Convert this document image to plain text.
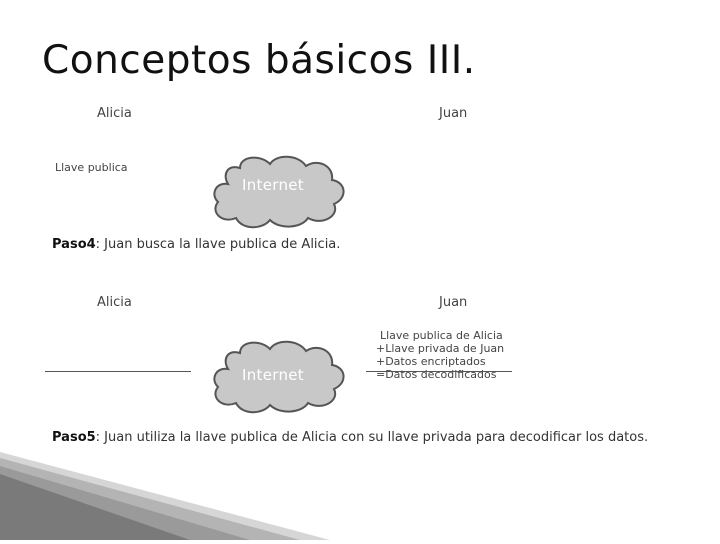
Conceptos básicos III.
Alicia	Juan
Llave publica
Internet
Paso4: Juan busca la llave publica de Alicia.
Alicia	Juan
Internet
Llave publica de Alicia
+Llave privada de Juan
+Datos encriptados
=Datos decodificados
Paso5: Juan utiliza la llave publica de Alicia con su llave privada para decodificar los datos.
